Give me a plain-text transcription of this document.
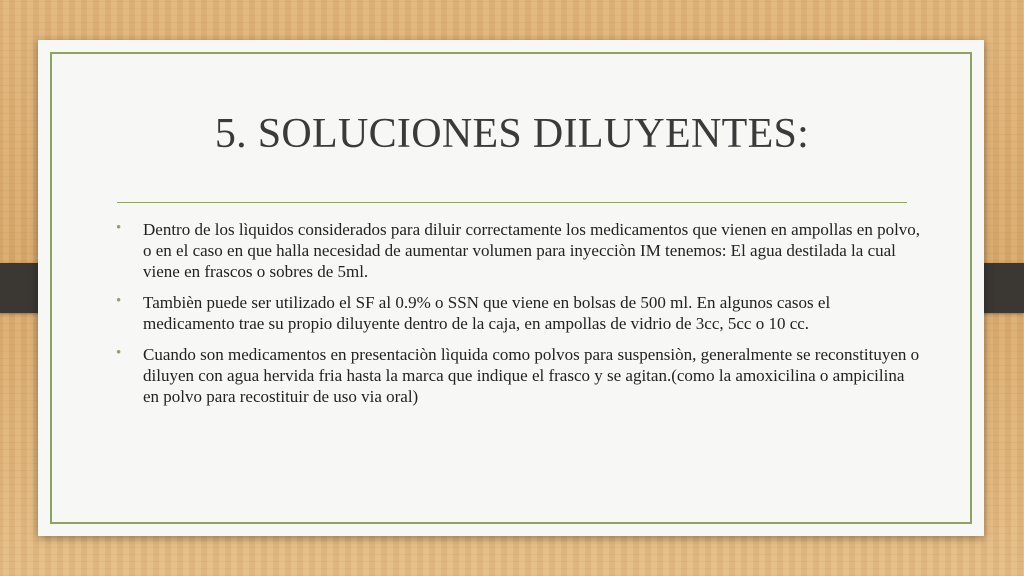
5. SOLUCIONES DILUYENTES:
• Dentro de los lìquidos considerados para diluir correctamente los medicamentos que vienen en ampollas en polvo, o en el caso en que halla necesidad de aumentar volumen para inyecciòn IM tenemos: El agua destilada la cual viene en frascos o sobres de 5ml.
• Tambièn puede ser utilizado el SF al 0.9% o SSN que viene en bolsas de 500 ml. En algunos casos el medicamento trae su propio diluyente dentro de la caja, en ampollas de vidrio de 3cc, 5cc o 10 cc.
• Cuando son medicamentos en presentaciòn lìquida como polvos para suspensiòn, generalmente se reconstituyen o diluyen con agua hervida fria hasta la marca que indique el frasco y se agitan.(como la amoxicilina o ampicilina en polvo para recostituir de uso via oral)
